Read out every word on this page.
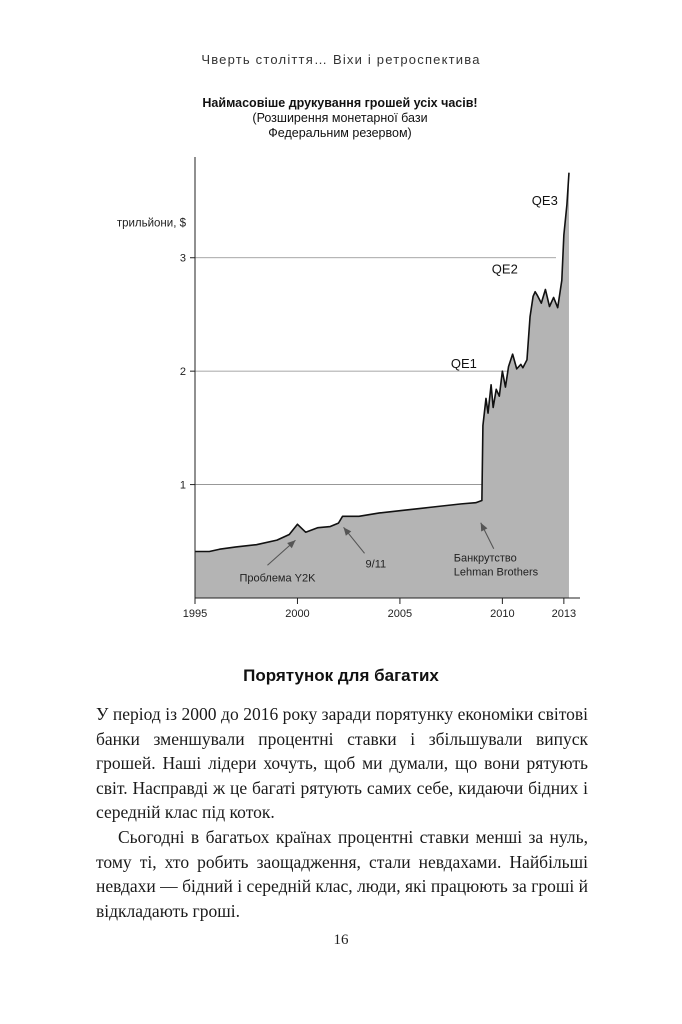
Чверть століття… Віхи і ретроспектива
Наймасовіше друкування грошей усіх часів!
(Розширення монетарної бази
Федеральним резервом)
1
2
3
1995	2000	2005	2010	2013
трильйони, $
QE1
QE2
QE3
Проблема Y2K
9/11	Банкрутство
Lehman Brothers
Порятунок для багатих

У період із 2000 до 2016 року заради порятунку економіки світові банки зменшували процентні ставки і збільшували випуск грошей. Наші лідери хочуть, щоб ми думали, що вони рятують світ. Насправді ж це багаті рятують самих себе, кидаючи бідних і середній клас під коток.

Сьогодні в багатьох країнах процентні ставки менші за нуль, тому ті, хто робить заощадження, стали невдахами. Найбільші невдахи — бідний і середній клас, люди, які працюють за гроші й відкладають гроші.

16
